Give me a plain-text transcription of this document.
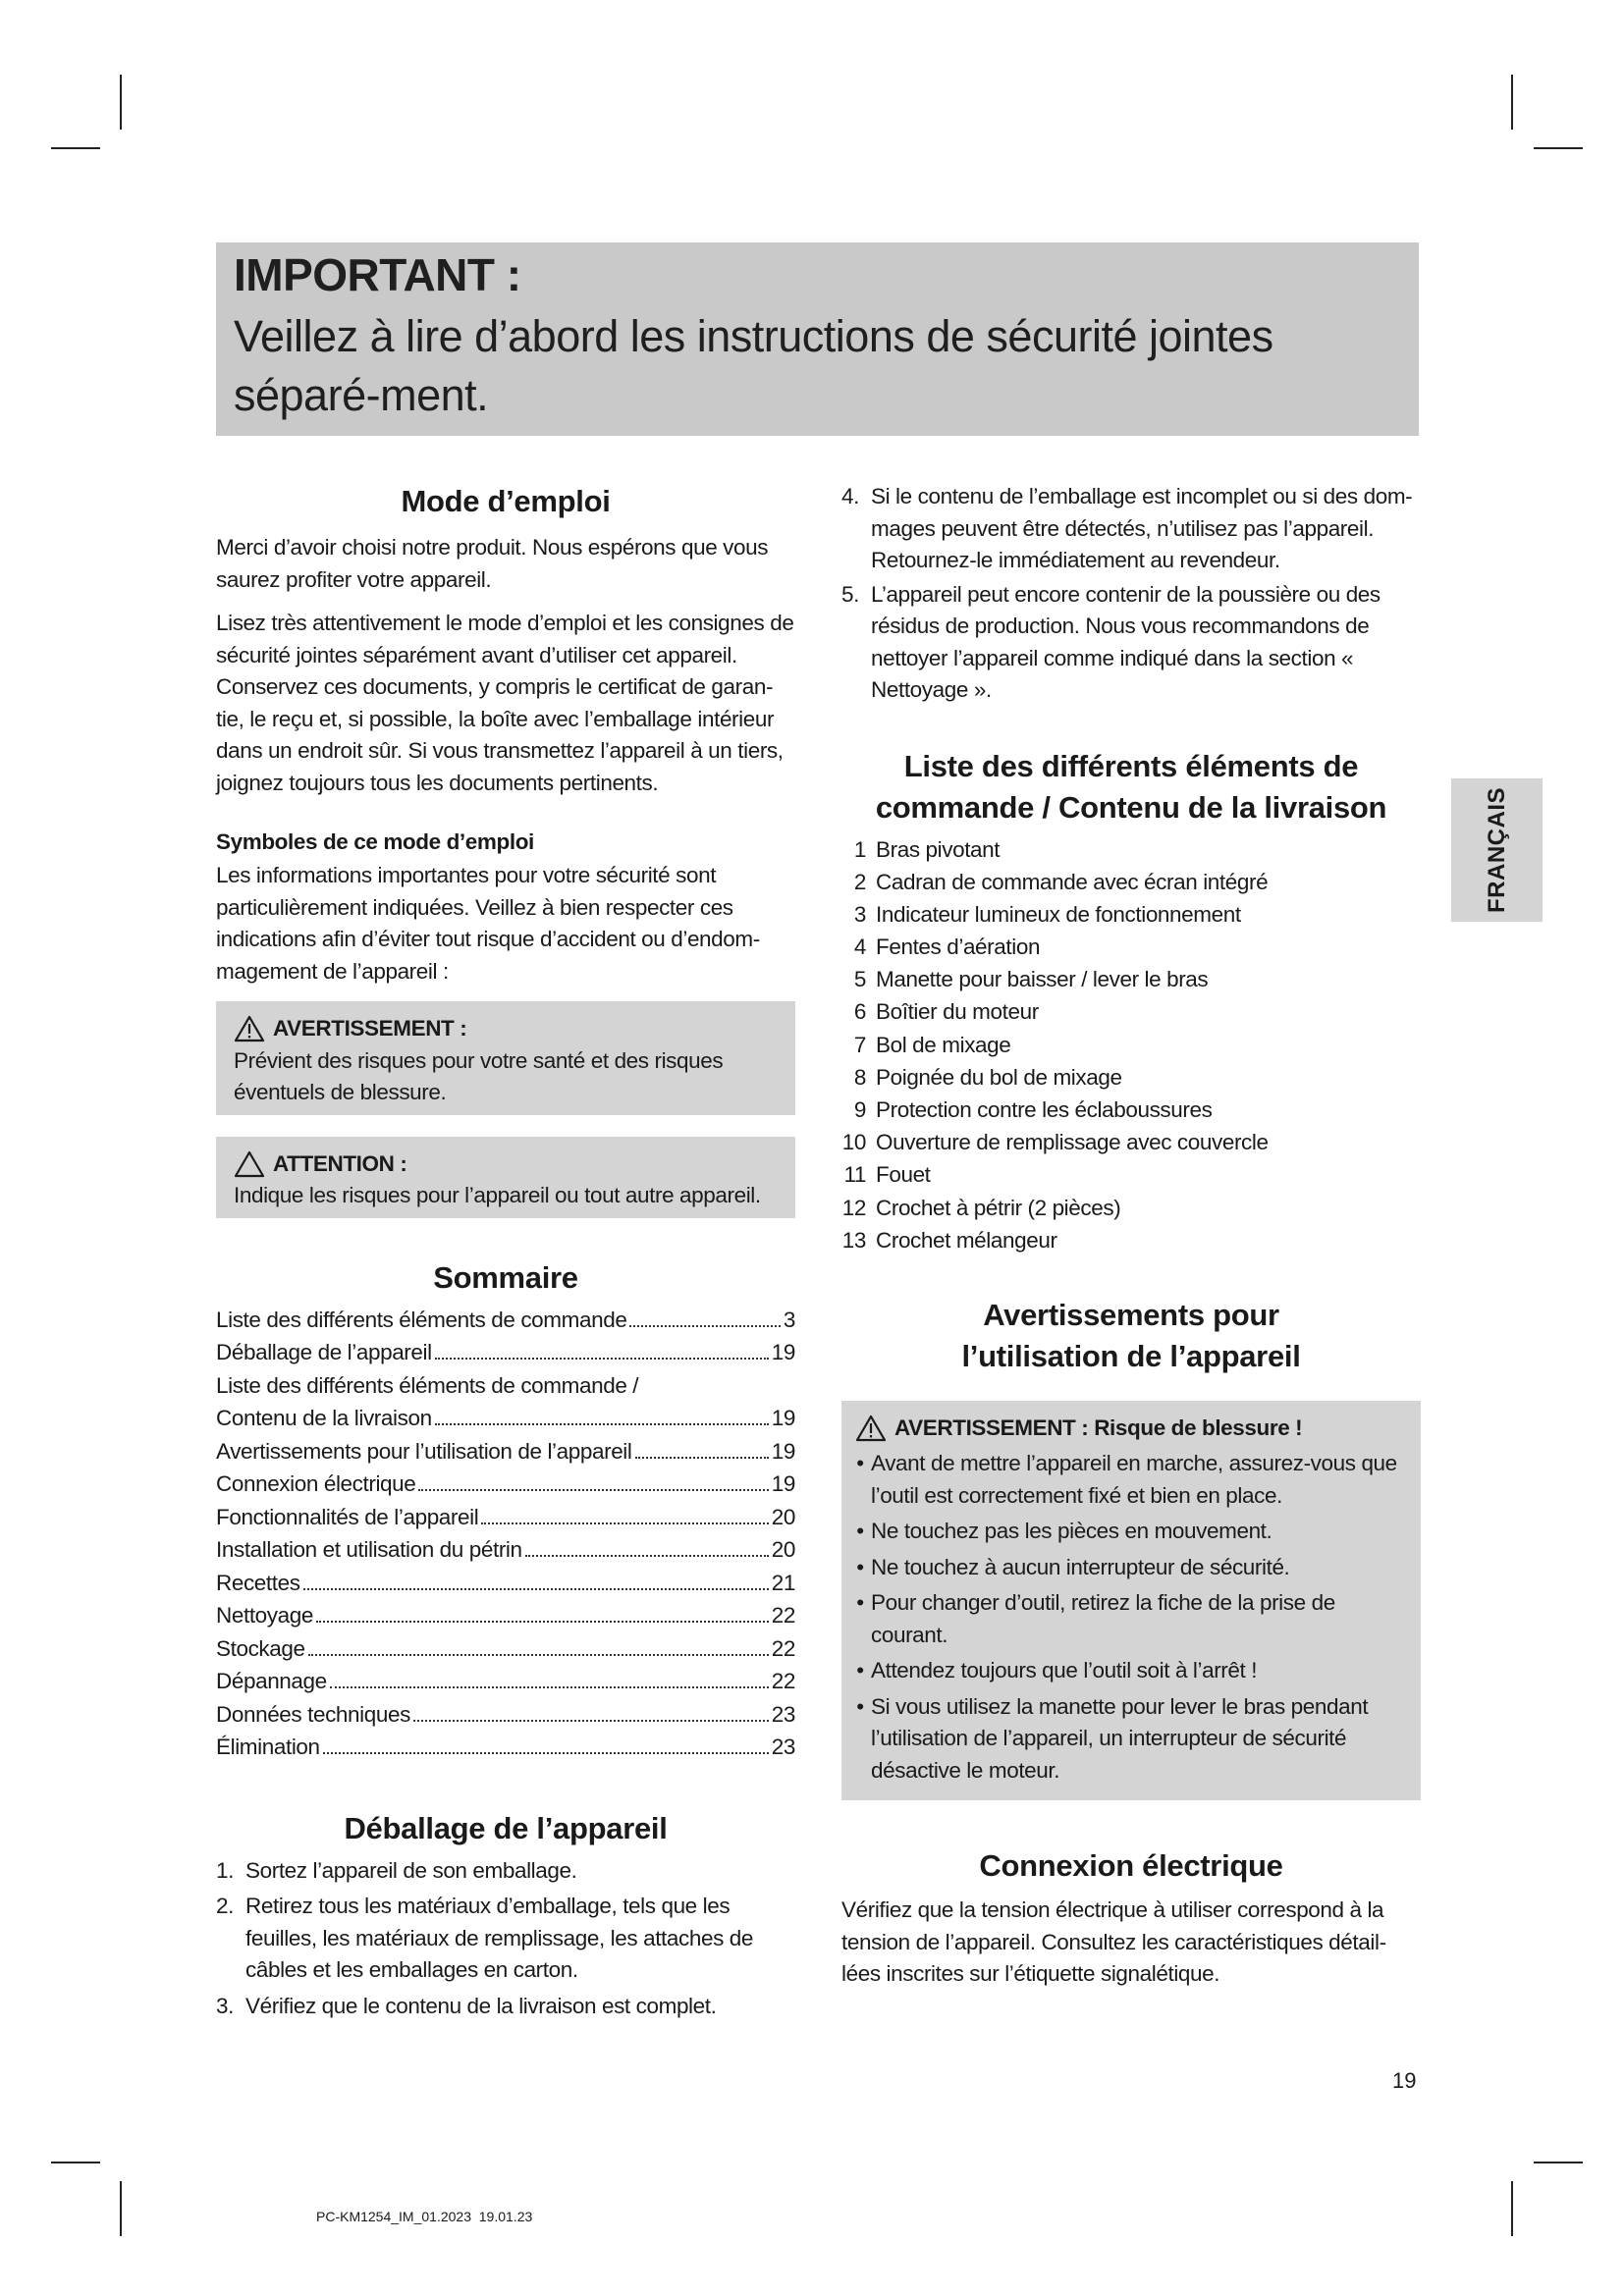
IMPORTANT :
Veillez à lire d’abord les instructions de sécurité jointes séparé-ment.
FRANÇAIS
Mode d’emploi

Merci d’avoir choisi notre produit. Nous espérons que vous saurez profiter votre appareil.

Lisez très attentivement le mode d’emploi et les consignes de sécurité jointes séparément avant d’utiliser cet appareil. Conservez ces documents, y compris le certificat de garan-tie, le reçu et, si possible, la boîte avec l’emballage intérieur dans un endroit sûr. Si vous transmettez l’appareil à un tiers, joignez toujours tous les documents pertinents.

Symboles de ce mode d’emploi

Les informations importantes pour votre sécurité sont particulièrement indiquées. Veillez à bien respecter ces indications afin d’éviter tout risque d’accident ou d’endom-magement de l’appareil :

AVERTISSEMENT :

Prévient des risques pour votre santé et des risques éventuels de blessure.

ATTENTION :

Indique les risques pour l’appareil ou tout autre appareil.

Sommaire
Liste des différents éléments de commande	3
Déballage de l’appareil	19
Liste des différents éléments de commande /
Contenu de la livraison	19
Avertissements pour l’utilisation de l’appareil	19
Connexion électrique	19
Fonctionnalités de l’appareil	20
Installation et utilisation du pétrin	20
Recettes	21
Nettoyage	22
Stockage	22
Dépannage	22
Données techniques	23
Élimination	23
Déballage de l’appareil
1. Sortez l’appareil de son emballage.
2. Retirez tous les matériaux d’emballage, tels que les feuilles, les matériaux de remplissage, les attaches de câbles et les emballages en carton.
3. Vérifiez que le contenu de la livraison est complet.
4. Si le contenu de l’emballage est incomplet ou si des dom-mages peuvent être détectés, n’utilisez pas l’appareil. Retournez-le immédiatement au revendeur.
5. L’appareil peut encore contenir de la poussière ou des résidus de production. Nous vous recommandons de nettoyer l’appareil comme indiqué dans la section « Nettoyage ».
Liste des différents éléments de
commande / Contenu de la livraison
1 Bras pivotant
2 Cadran de commande avec écran intégré
3 Indicateur lumineux de fonctionnement
4 Fentes d’aération
5 Manette pour baisser / lever le bras
6 Boîtier du moteur
7 Bol de mixage
8 Poignée du bol de mixage
9 Protection contre les éclaboussures
10 Ouverture de remplissage avec couvercle
11 Fouet
12 Crochet à pétrir (2 pièces)
13 Crochet mélangeur
Avertissements pour
l’utilisation de l’appareil
AVERTISSEMENT : Risque de blessure !
• Avant de mettre l’appareil en marche, assurez-vous que l’outil est correctement fixé et bien en place.
• Ne touchez pas les pièces en mouvement.
• Ne touchez à aucun interrupteur de sécurité.
• Pour changer d’outil, retirez la fiche de la prise de courant.
• Attendez toujours que l’outil soit à l’arrêt !
• Si vous utilisez la manette pour lever le bras pendant l’utilisation de l’appareil, un interrupteur de sécurité désactive le moteur.
Connexion électrique

Vérifiez que la tension électrique à utiliser correspond à la tension de l’appareil. Consultez les caractéristiques détail-lées inscrites sur l’étiquette signalétique.

19
PC-KM1254_IM_01.2023  19.01.23
